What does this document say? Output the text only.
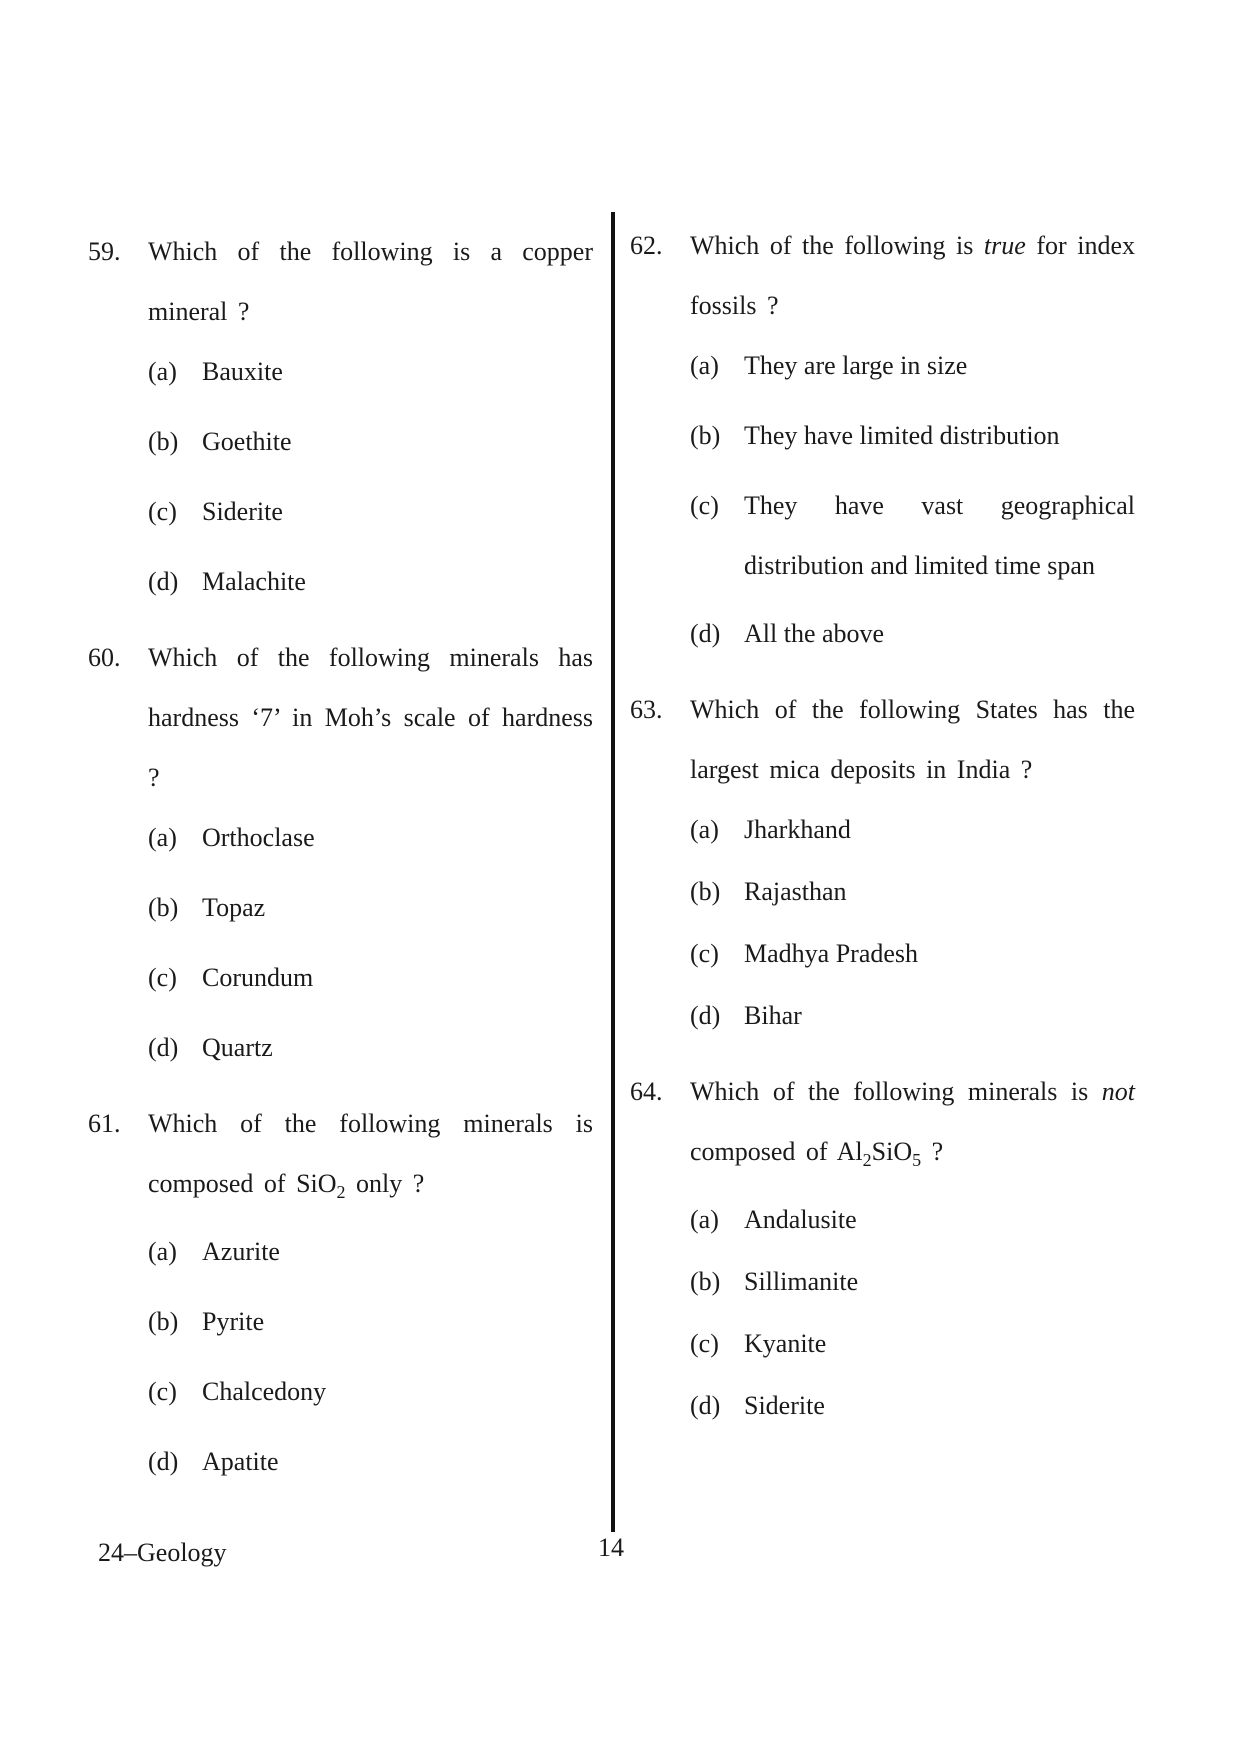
59.	Which of the following is a copper mineral ?
(a) Bauxite
(b) Goethite
(c) Siderite
(d) Malachite
60.	Which of the following minerals has hardness ‘7’ in Moh’s scale of hardness ?
(a) Orthoclase
(b) Topaz
(c) Corundum
(d) Quartz
61.	Which of the following minerals is composed of SiO$_2$ only ?
(a) Azurite
(b) Pyrite
(c) Chalcedony
(d) Apatite
62.	Which of the following is true for index fossils ?
(a) They are large in size
(b) They have limited distribution
(c) They have vast geographical distribution and limited time span
(d) All the above
63.	Which of the following States has the largest mica deposits in India ?
(a) Jharkhand
(b) Rajasthan
(c) Madhya Pradesh
(d) Bihar
64.	Which of the following minerals is not composed of $Al_2SiO_5$ ?
(a) Andalusite
(b) Sillimanite
(c) Kyanite
(d) Siderite
24–Geology	14
